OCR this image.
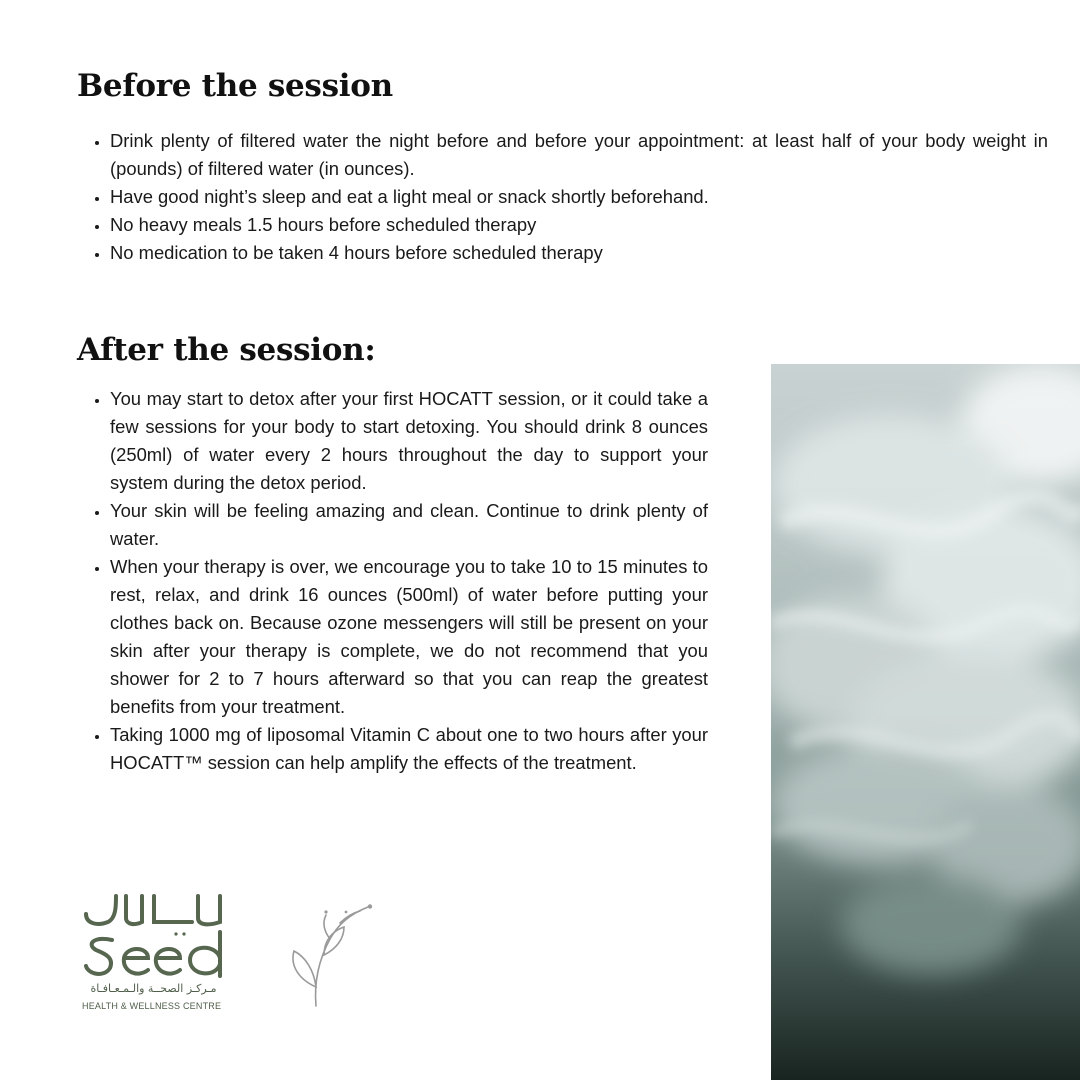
Before the session
• Drink plenty of filtered water the night before and before your appointment: at least half of your body weight in (pounds) of filtered water (in ounces).
• Have good night’s sleep and eat a light meal or snack shortly beforehand.
• No heavy meals 1.5 hours before scheduled therapy
• No medication to be taken 4 hours before scheduled therapy
After the session:
• You may start to detox after your first HOCATT session, or it could take a few sessions for your body to start detoxing. You should drink 8 ounces (250ml) of water every 2 hours throughout the day to support your system during the detox period.
• Your skin will be feeling amazing and clean. Continue to drink plenty of water.
• When your therapy is over, we encourage you to take 10 to 15 minutes to rest, relax, and drink 16 ounces (500ml) of water before putting your clothes back on. Because ozone messengers will still be present on your skin after your therapy is complete, we do not recommend that you shower for 2 to 7 hours afterward so that you can reap the greatest benefits from your treatment.
• Taking 1000 mg of liposomal Vitamin C about one to two hours after your HOCATT™ session can help amplify the effects of the treatment.

مـركـز الصحــة والـمـعـافـاة

HEALTH & WELLNESS CENTRE
